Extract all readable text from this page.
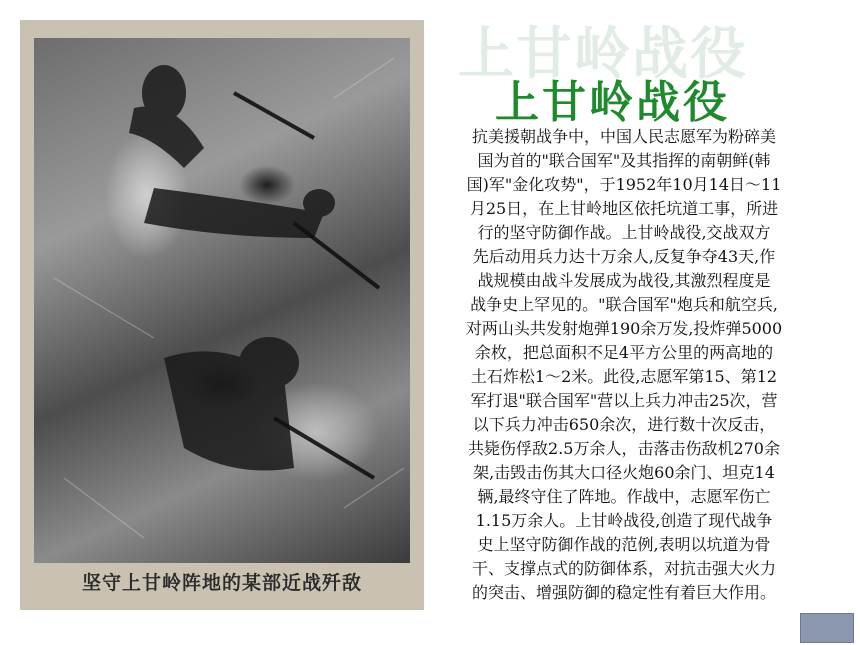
坚守上甘岭阵地的某部近战歼敌
上甘岭战役
上甘岭战役
抗美援朝战争中，中国人民志愿军为粉碎美
国为首的"联合国军"及其指挥的南朝鲜(韩
国)军"金化攻势"，于1952年10月14日～11
月25日，在上甘岭地区依托坑道工事，所进
行的坚守防御作战。上甘岭战役,交战双方
先后动用兵力达十万余人,反复争夺43天,作
战规模由战斗发展成为战役,其激烈程度是
战争史上罕见的。"联合国军"炮兵和航空兵,
对两山头共发射炮弹190余万发,投炸弹5000
余枚，把总面积不足4平方公里的两高地的
土石炸松1～2米。此役,志愿军第15、第12
军打退"联合国军"营以上兵力冲击25次，营
以下兵力冲击650余次，进行数十次反击，
共毙伤俘敌2.5万余人，击落击伤敌机270余
架,击毁击伤其大口径火炮60余门、坦克14
辆,最终守住了阵地。作战中，志愿军伤亡
1.15万余人。上甘岭战役,创造了现代战争
史上坚守防御作战的范例,表明以坑道为骨
干、支撑点式的防御体系，对抗击强大火力
的突击、增强防御的稳定性有着巨大作用。
